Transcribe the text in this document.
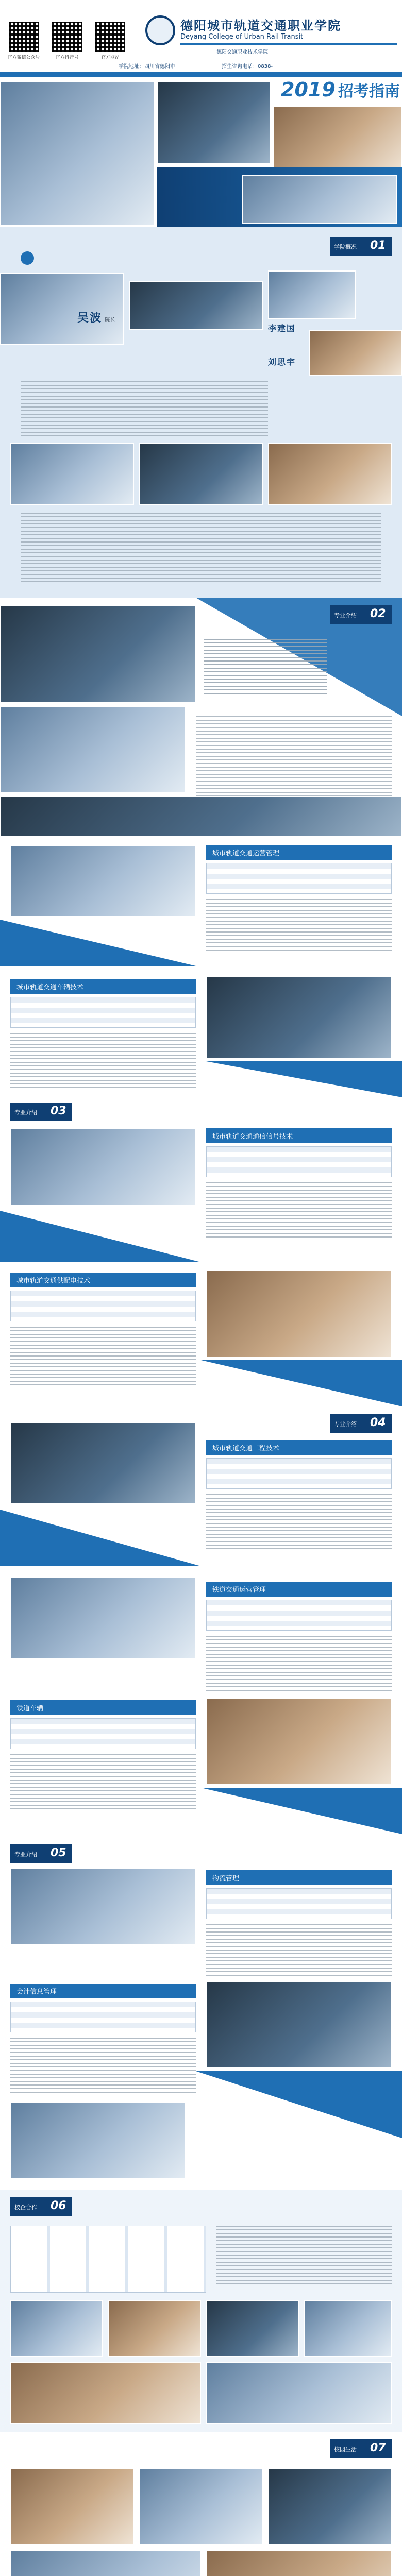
官方微信公众号	官方抖音号	官方网站
德阳城市轨道交通职业学院
Deyang College of Urban Rail Transit
德阳交通职业技术学院
学院地址：四川省德阳市	招生咨询电话：0838-
2019 招考指南
学院概况 01
吴波 院长
李建国
刘思宇
专业介绍 02
城市轨道交通运营管理
城市轨道交通车辆技术
专业介绍 03
城市轨道交通通信信号技术
城市轨道交通供配电技术
专业介绍 04
城市轨道交通工程技术
铁道交通运营管理
铁道车辆
专业介绍 05
物流管理
会计信息管理
校企合作 06
校园生活 07
